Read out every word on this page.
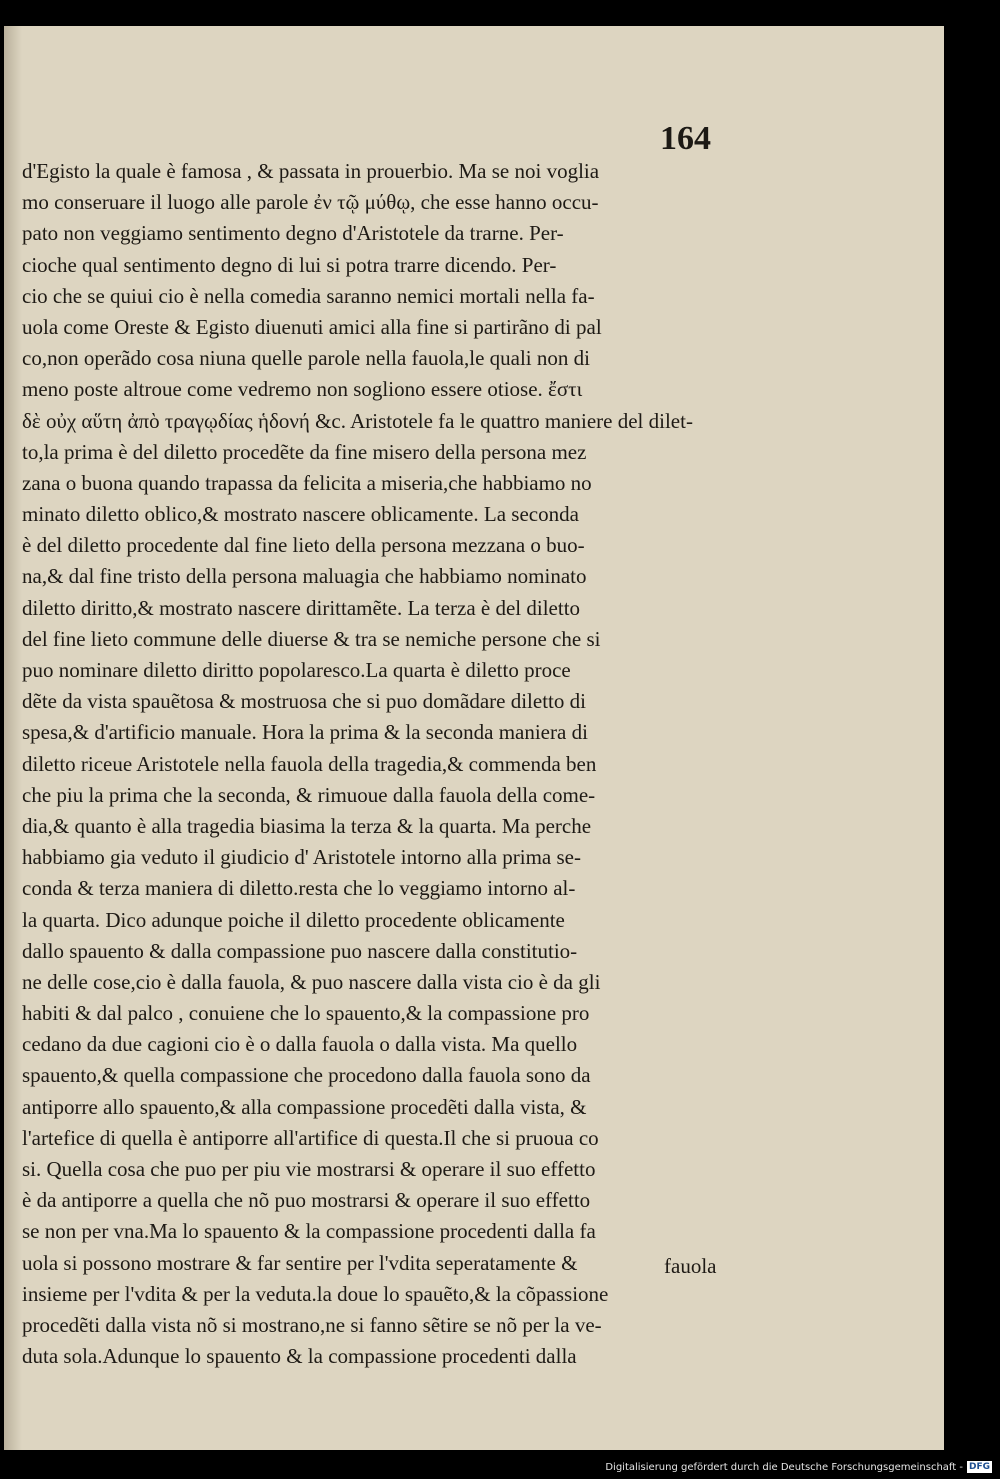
164

d'Egisto la quale è famosa , & passata in prouerbio. Ma se noi voglia
mo conseruare il luogo alle parole ἐν τῷ μύθῳ, che esse hanno occu-
pato non veggiamo sentimento degno d'Aristotele da trarne. Per-
cioche qual sentimento degno di lui si potra trarre dicendo. Per-
cio che se quiui cio è nella comedia saranno nemici mortali nella fa-
uola come Oreste & Egisto diuenuti amici alla fine si partirãno di pal
co,non operãdo cosa niuna quelle parole nella fauola,le quali non di
meno poste altroue come vedremo non sogliono essere otiose. ἔστι
δὲ οὐχ αὕτη ἀπὸ τραγῳδίας ἡδονή &c. Aristotele fa le quattro maniere del dilet-
to,la prima è del diletto procedẽte da fine misero della persona mez
zana o buona quando trapassa da felicita a miseria,che habbiamo no
minato diletto oblico,& mostrato nascere oblicamente. La seconda
è del diletto procedente dal fine lieto della persona mezzana o buo-
na,& dal fine tristo della persona maluagia che habbiamo nominato
diletto diritto,& mostrato nascere dirittamẽte. La terza è del diletto
del fine lieto commune delle diuerse & tra se nemiche persone che si
puo nominare diletto diritto popolaresco.La quarta è diletto proce
dẽte da vista spauẽtosa & mostruosa che si puo domãdare diletto di
spesa,& d'artificio manuale. Hora la prima & la seconda maniera di
diletto riceue Aristotele nella fauola della tragedia,& commenda ben
che piu la prima che la seconda, & rimuoue dalla fauola della come-
dia,& quanto è alla tragedia biasima la terza & la quarta. Ma perche
habbiamo gia veduto il giudicio d' Aristotele intorno alla prima se-
conda & terza maniera di diletto.resta che lo veggiamo intorno al-
la quarta. Dico adunque poiche il diletto procedente oblicamente
dallo spauento & dalla compassione puo nascere dalla constitutio-
ne delle cose,cio è dalla fauola, & puo nascere dalla vista cio è da gli
habiti & dal palco , conuiene che lo spauento,& la compassione pro
cedano da due cagioni cio è o dalla fauola o dalla vista. Ma quello
spauento,& quella compassione che procedono dalla fauola sono da
antiporre allo spauento,& alla compassione procedẽti dalla vista, &
l'artefice di quella è antiporre all'artifice di questa.Il che si pruoua co
si. Quella cosa che puo per piu vie mostrarsi & operare il suo effetto
è da antiporre a quella che nõ puo mostrarsi & operare il suo effetto
se non per vna.Ma lo spauento & la compassione procedenti dalla fa
uola si possono mostrare & far sentire per l'vdita seperatamente &
insieme per l'vdita & per la veduta.la doue lo spauẽto,& la cõpassione
procedẽti dalla vista nõ si mostrano,ne si fanno sẽtire se nõ per la ve-
duta sola.Adunque lo spauento & la compassione procedenti dalla

fauola

Digitalisierung gefördert durch die Deutsche Forschungsgemeinschaft - DFG
